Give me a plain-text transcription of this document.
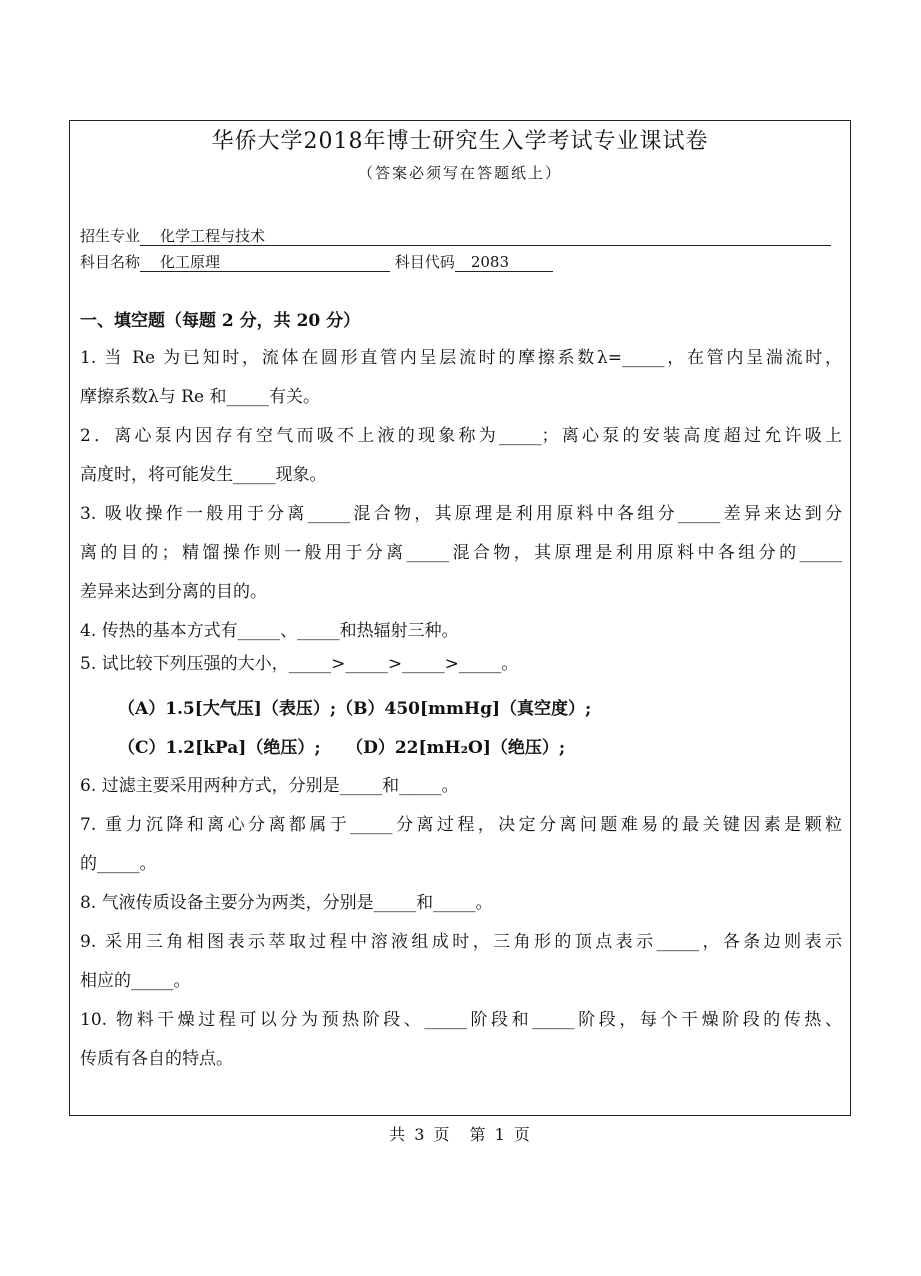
华侨大学2018年博士研究生入学考试专业课试卷
（答案必须写在答题纸上）
招生专业 化学工程与技术
科目名称 化工原理	科目代码 2083
一、填空题（每题 2 分，共 20 分）
1. 当 Re 为已知时，流体在圆形直管内呈层流时的摩擦系数λ=_____，在管内呈湍流时，
摩擦系数λ与 Re 和_____有关。
2．离心泵内因存有空气而吸不上液的现象称为_____；离心泵的安装高度超过允许吸上
高度时，将可能发生_____现象。
3. 吸收操作一般用于分离_____混合物，其原理是利用原料中各组分_____差异来达到分
离的目的；精馏操作则一般用于分离_____混合物，其原理是利用原料中各组分的_____
差异来达到分离的目的。
4. 传热的基本方式有_____、_____和热辐射三种。
5. 试比较下列压强的大小，_____>_____>_____>_____。
（A）1.5[大气压]（表压）;（B）450[mmHg]（真空度）;
（C）1.2[kPa]（绝压）;　　（D）22[mH₂O]（绝压）;
6. 过滤主要采用两种方式，分别是_____和_____。
7. 重力沉降和离心分离都属于_____分离过程，决定分离问题难易的最关键因素是颗粒
的_____。
8. 气液传质设备主要分为两类，分别是_____和_____。
9. 采用三角相图表示萃取过程中溶液组成时，三角形的顶点表示_____，各条边则表示
相应的_____。
10. 物料干燥过程可以分为预热阶段、_____阶段和_____阶段，每个干燥阶段的传热、
传质有各自的特点。
共 3 页　第 1 页
